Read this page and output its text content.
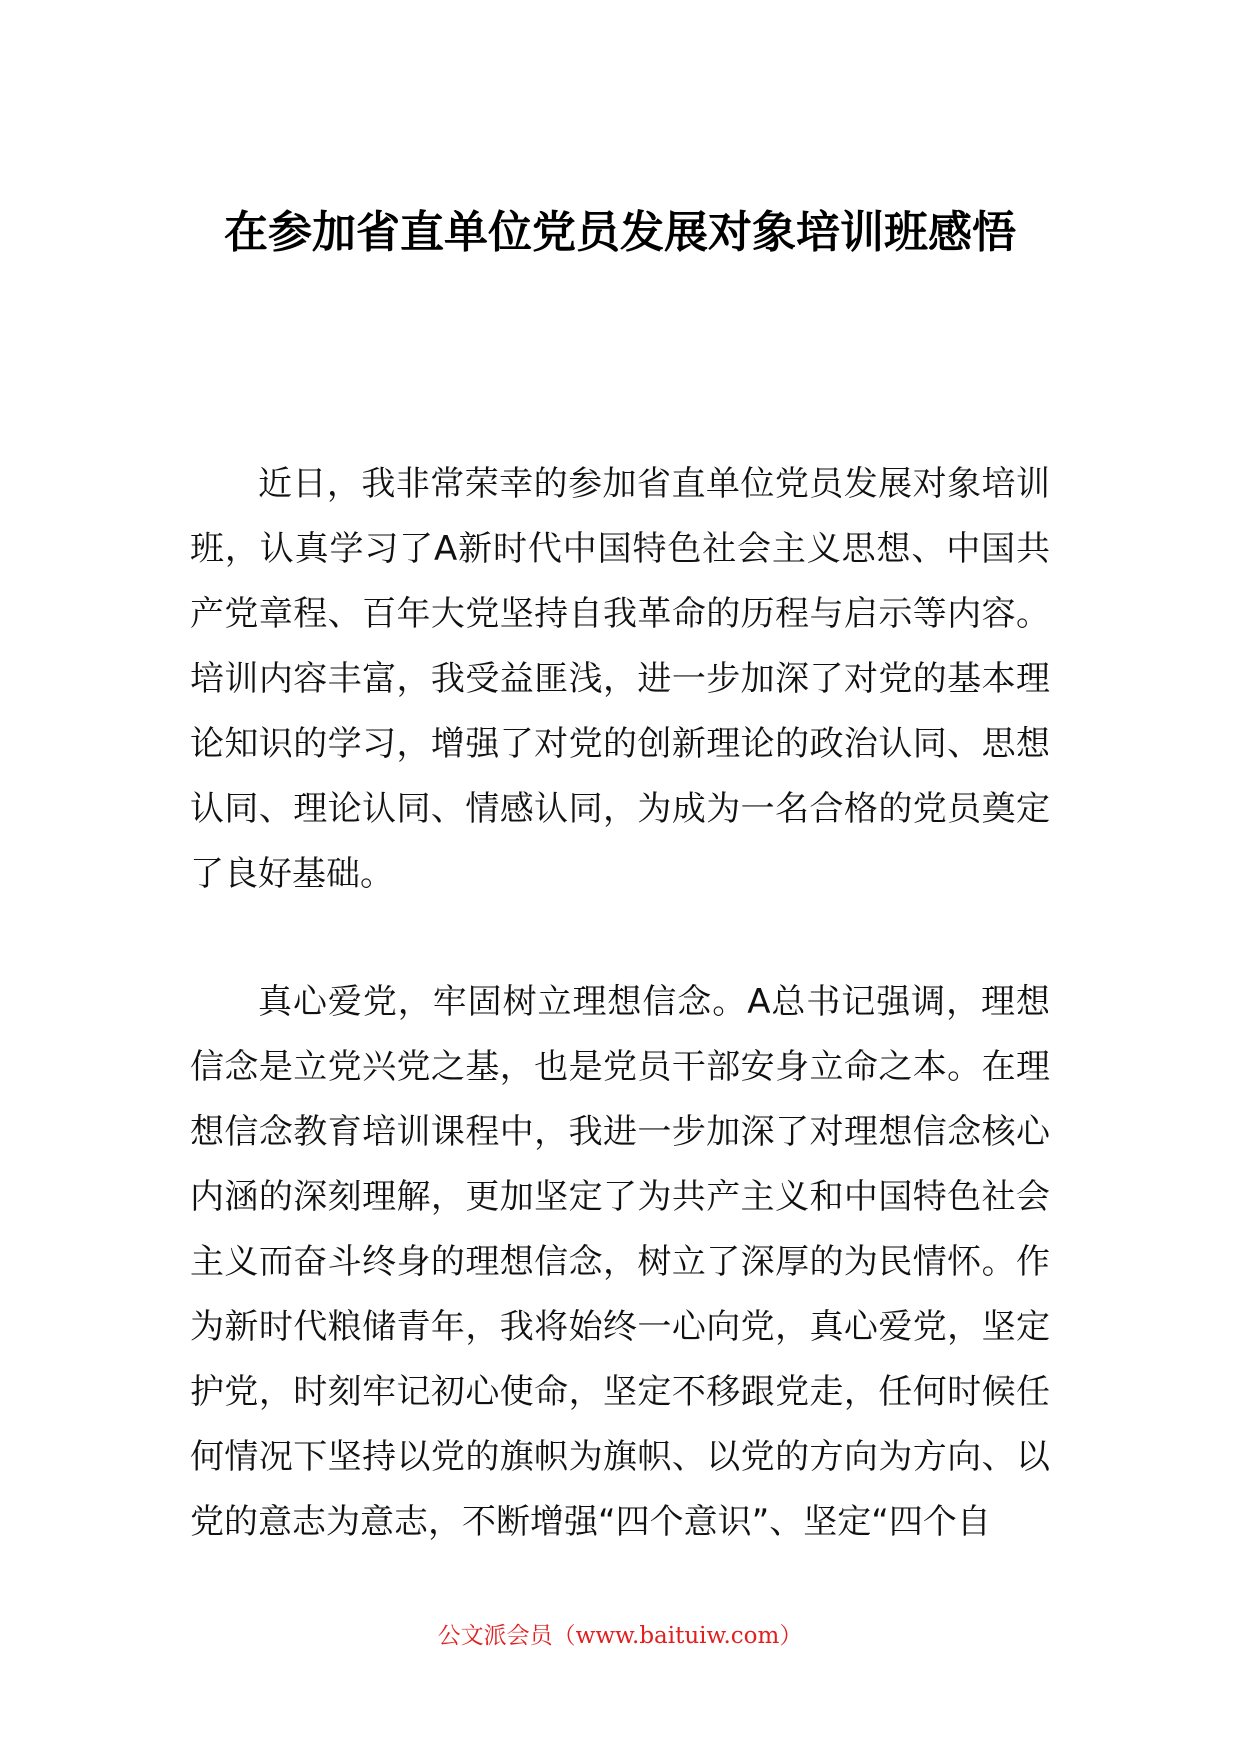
在参加省直单位党员发展对象培训班感悟

近日，我非常荣幸的参加省直单位党员发展对象培训班，认真学习了A新时代中国特色社会主义思想、中国共产党章程、百年大党坚持自我革命的历程与启示等内容。培训内容丰富，我受益匪浅，进一步加深了对党的基本理论知识的学习，增强了对党的创新理论的政治认同、思想认同、理论认同、情感认同，为成为一名合格的党员奠定了良好基础。

真心爱党，牢固树立理想信念。A总书记强调，理想信念是立党兴党之基，也是党员干部安身立命之本。在理想信念教育培训课程中，我进一步加深了对理想信念核心内涵的深刻理解，更加坚定了为共产主义和中国特色社会主义而奋斗终身的理想信念，树立了深厚的为民情怀。作为新时代粮储青年，我将始终一心向党，真心爱党，坚定护党，时刻牢记初心使命，坚定不移跟党走，任何时候任何情况下坚持以党的旗帜为旗帜、以党的方向为方向、以党的意志为意志，不断增强“四个意识”、坚定“四个自

公文派会员（www.baituiw.com）
